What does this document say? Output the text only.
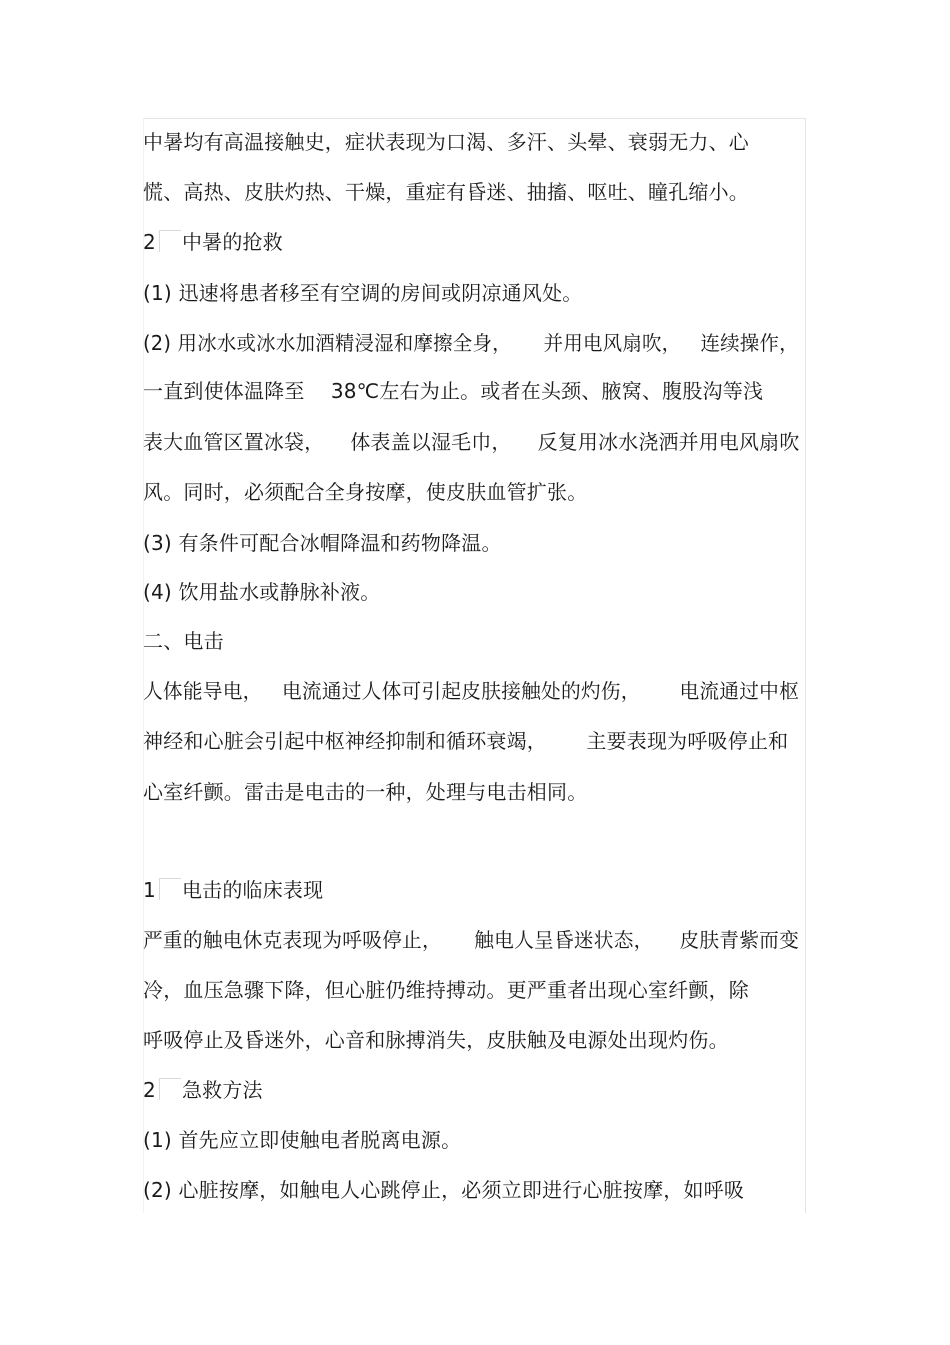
中暑均有高温接触史，症状表现为口渴、多汗、头晕、衰弱无力、心
慌、高热、皮肤灼热、干燥，重症有昏迷、抽搐、呕吐、瞳孔缩小。
2 中暑的抢救
(1) 迅速将患者移至有空调的房间或阴凉通风处。
(2) 用冰水或冰水加酒精浸湿和摩擦全身，     并用电风扇吹，   连续操作，
一直到使体温降至    38℃左右为止。或者在头颈、腋窝、腹股沟等浅
表大血管区置冰袋，    体表盖以湿毛巾，    反复用冰水浇洒并用电风扇吹
风。同时，必须配合全身按摩，使皮肤血管扩张。
(3) 有条件可配合冰帽降温和药物降温。
(4) 饮用盐水或静脉补液。
二、电击
人体能导电，   电流通过人体可引起皮肤接触处的灼伤，      电流通过中枢
神经和心脏会引起中枢神经抑制和循环衰竭，      主要表现为呼吸停止和
心室纤颤。雷击是电击的一种，处理与电击相同。
1 电击的临床表现
严重的触电休克表现为呼吸停止，     触电人呈昏迷状态，    皮肤青紫而变
冷，血压急骤下降，但心脏仍维持搏动。更严重者出现心室纤颤，除
呼吸停止及昏迷外，心音和脉搏消失，皮肤触及电源处出现灼伤。
2 急救方法
(1) 首先应立即使触电者脱离电源。
(2) 心脏按摩，如触电人心跳停止，必须立即进行心脏按摩，如呼吸
